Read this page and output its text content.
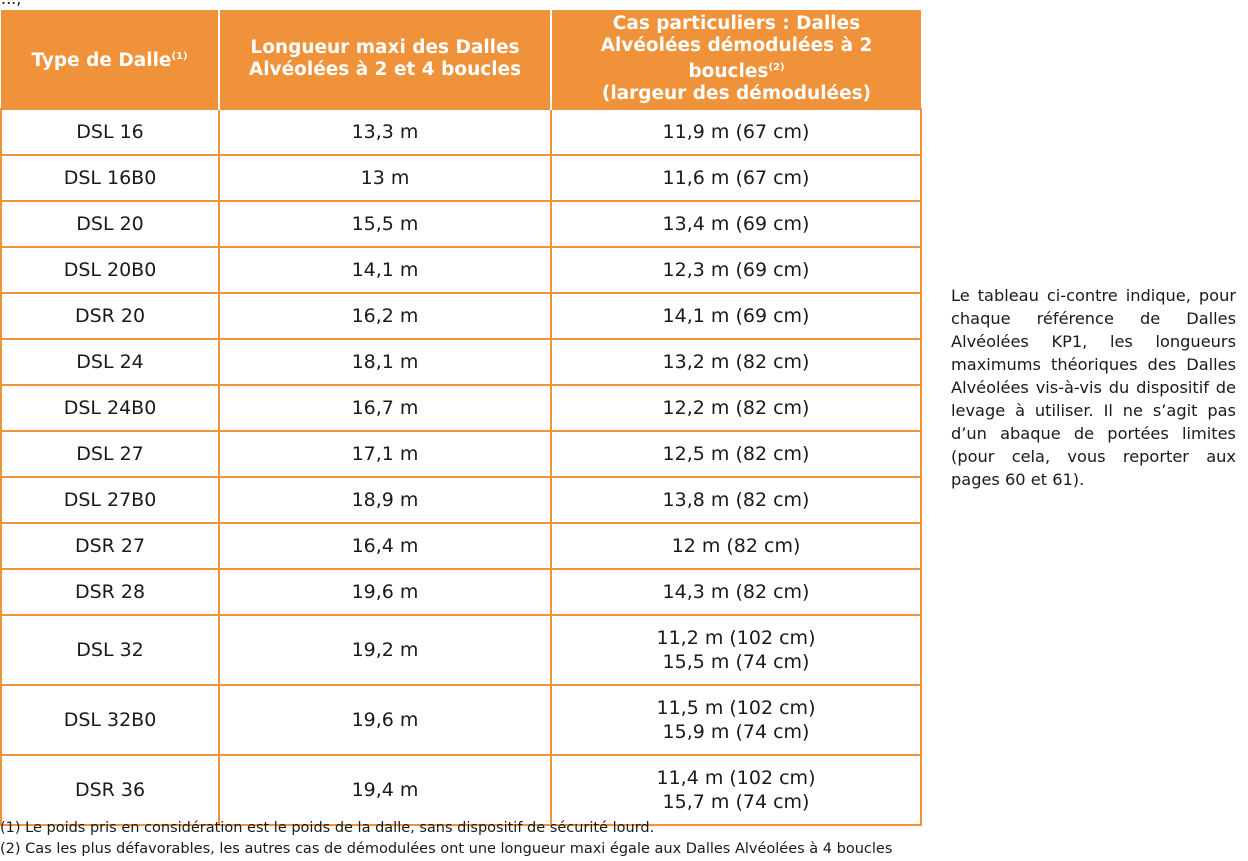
Type de Dalle$^{(1)}$	Longueur maxi des Dalles Alvéolées à 2 et 4 boucles	Cas particuliers : Dalles Alvéolées démodulées à 2 boucles$^{(2)}$
(largeur des démodulées)
DSL 16	13,3 m	11,9 m (67 cm)

DSL 16B0	13 m	11,6 m (67 cm)

DSL 20	15,5 m	13,4 m (69 cm)

DSL 20B0	14,1 m	12,3 m (69 cm)

DSR 20	16,2 m	14,1 m (69 cm)

DSL 24	18,1 m	13,2 m (82 cm)

DSL 24B0	16,7 m	12,2 m (82 cm)

DSL 27	17,1 m	12,5 m (82 cm)

DSL 27B0	18,9 m	13,8 m (82 cm)

DSR 27	16,4 m	12 m (82 cm)

DSR 28	19,6 m	14,3 m (82 cm)

DSL 32	19,2 m	11,2 m (102 cm)
15,5 m (74 cm)

DSL 32B0	19,6 m	11,5 m (102 cm)
15,9 m (74 cm)

DSR 36	19,4 m	11,4 m (102 cm)
15,7 m (74 cm)
Le tableau ci-contre indique, pour chaque référence de Dalles Alvéolées KP1, les longueurs maximums théoriques des Dalles Alvéolées vis-à-vis du dispositif de levage à utiliser. Il ne s’agit pas d’un abaque de portées limites (pour cela, vous reporter aux pages 60 et 61).
(1) Le poids pris en considération est le poids de la dalle, sans dispositif de sécurité lourd.
(2) Cas les plus défavorables, les autres cas de démodulées ont une longueur maxi égale aux Dalles Alvéolées à 4 boucles
